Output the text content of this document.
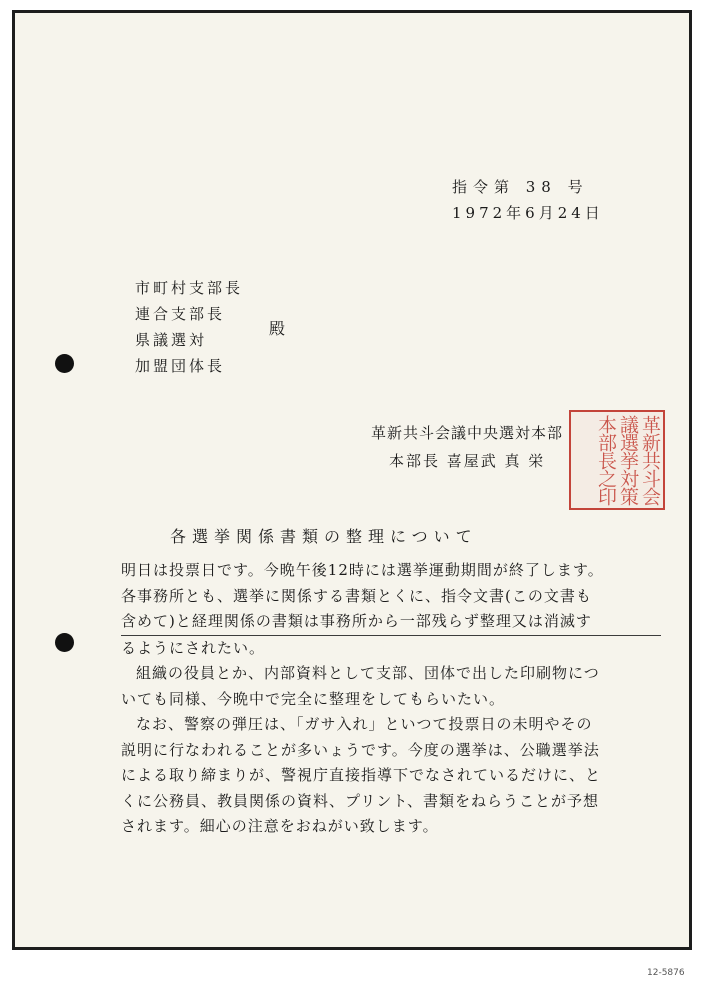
指令第 38 号
1972年6月24日
市町村支部長
連合支部長
県議選対
加盟団体長
殿
革新共斗会議中央選対本部
本部長 喜屋武 真 栄	革新共斗会議選挙対策本部長之印
各選挙関係書類の整理について
明日は投票日です。今晩午後12時には選挙運動期間が終了します。
各事務所とも、選挙に関係する書類とくに、指令文書(この文書も
含めて)と経理関係の書類は事務所から一部残らず整理又は消滅す
るようにされたい。
組織の役員とか、内部資料として支部、団体で出した印刷物につ
いても同様、今晩中で完全に整理をしてもらいたい。
なお、警察の弾圧は、「ガサ入れ」といつて投票日の未明やその
説明に行なわれることが多いょうです。今度の選挙は、公職選挙法
による取り締まりが、警視庁直接指導下でなされているだけに、と
くに公務員、教員関係の資料、プリント、書類をねらうことが予想
されます。細心の注意をおねがい致します。
12-5876
